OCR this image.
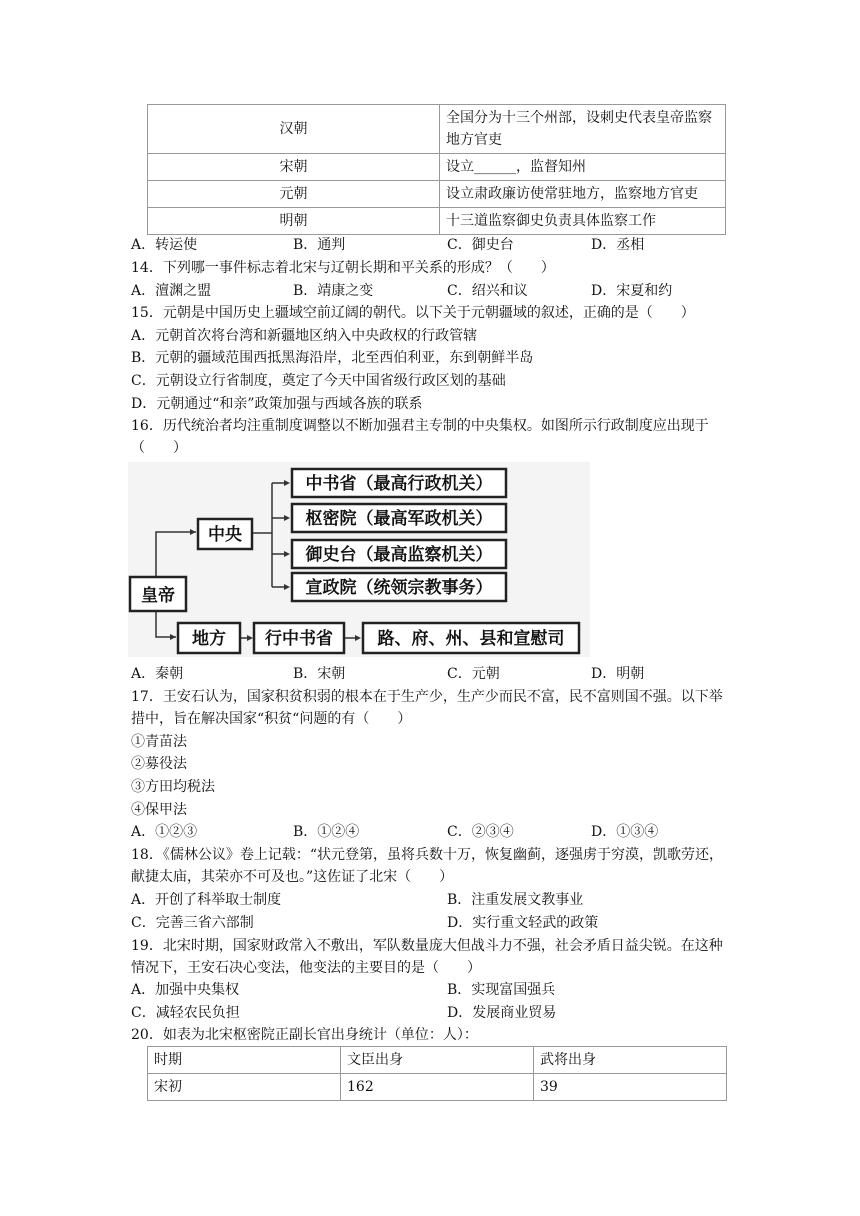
汉朝	全国分为十三个州部，设刺史代表皇帝监察地方官吏
宋朝	设立______，监督知州
元朝	设立肃政廉访使常驻地方，监察地方官吏
明朝	十三道监察御史负责具体监察工作
A．转运使	B．通判	C．御史台	D．丞相
14．下列哪一事件标志着北宋与辽朝长期和平关系的形成？（　　）
A．澶渊之盟	B．靖康之变	C．绍兴和议	D．宋夏和约
15．元朝是中国历史上疆域空前辽阔的朝代。以下关于元朝疆域的叙述，正确的是（　　）
A．元朝首次将台湾和新疆地区纳入中央政权的行政管辖
B．元朝的疆域范围西抵黑海沿岸，北至西伯利亚，东到朝鲜半岛
C．元朝设立行省制度，奠定了今天中国省级行政区划的基础
D．元朝通过“和亲”政策加强与西域各族的联系
16．历代统治者均注重制度调整以不断加强君主专制的中央集权。如图所示行政制度应出现于（　　）
皇帝
中央
地方
中书省（最高行政机关）
枢密院（最高军政机关）
御史台（最高监察机关）
宣政院（统领宗教事务）
行中书省	路、府、州、县和宣慰司
A．秦朝	B．宋朝	C．元朝	D．明朝
17．王安石认为，国家积贫积弱的根本在于生产少，生产少而民不富，民不富则国不强。以下举措中，旨在解决国家“积贫“问题的有（　　）
①青苗法
②募役法
③方田均税法
④保甲法
A．①②③	B．①②④	C．②③④	D．①③④
18．《儒林公议》卷上记载：“状元登第，虽将兵数十万，恢复幽蓟，逐强虏于穷漠，凯歌劳还，献捷太庙，其荣亦不可及也。”这佐证了北宋（　　）
A．开创了科举取士制度	B．注重发展文教事业
C．完善三省六部制	D．实行重文轻武的政策
19．北宋时期，国家财政常入不敷出，军队数量庞大但战斗力不强，社会矛盾日益尖锐。在这种情况下，王安石决心变法，他变法的主要目的是（　　）
A．加强中央集权	B．实现富国强兵
C．减轻农民负担	D．发展商业贸易
20．如表为北宋枢密院正副长官出身统计（单位：人）：
时期	文臣出身	武将出身
宋初	162	39
